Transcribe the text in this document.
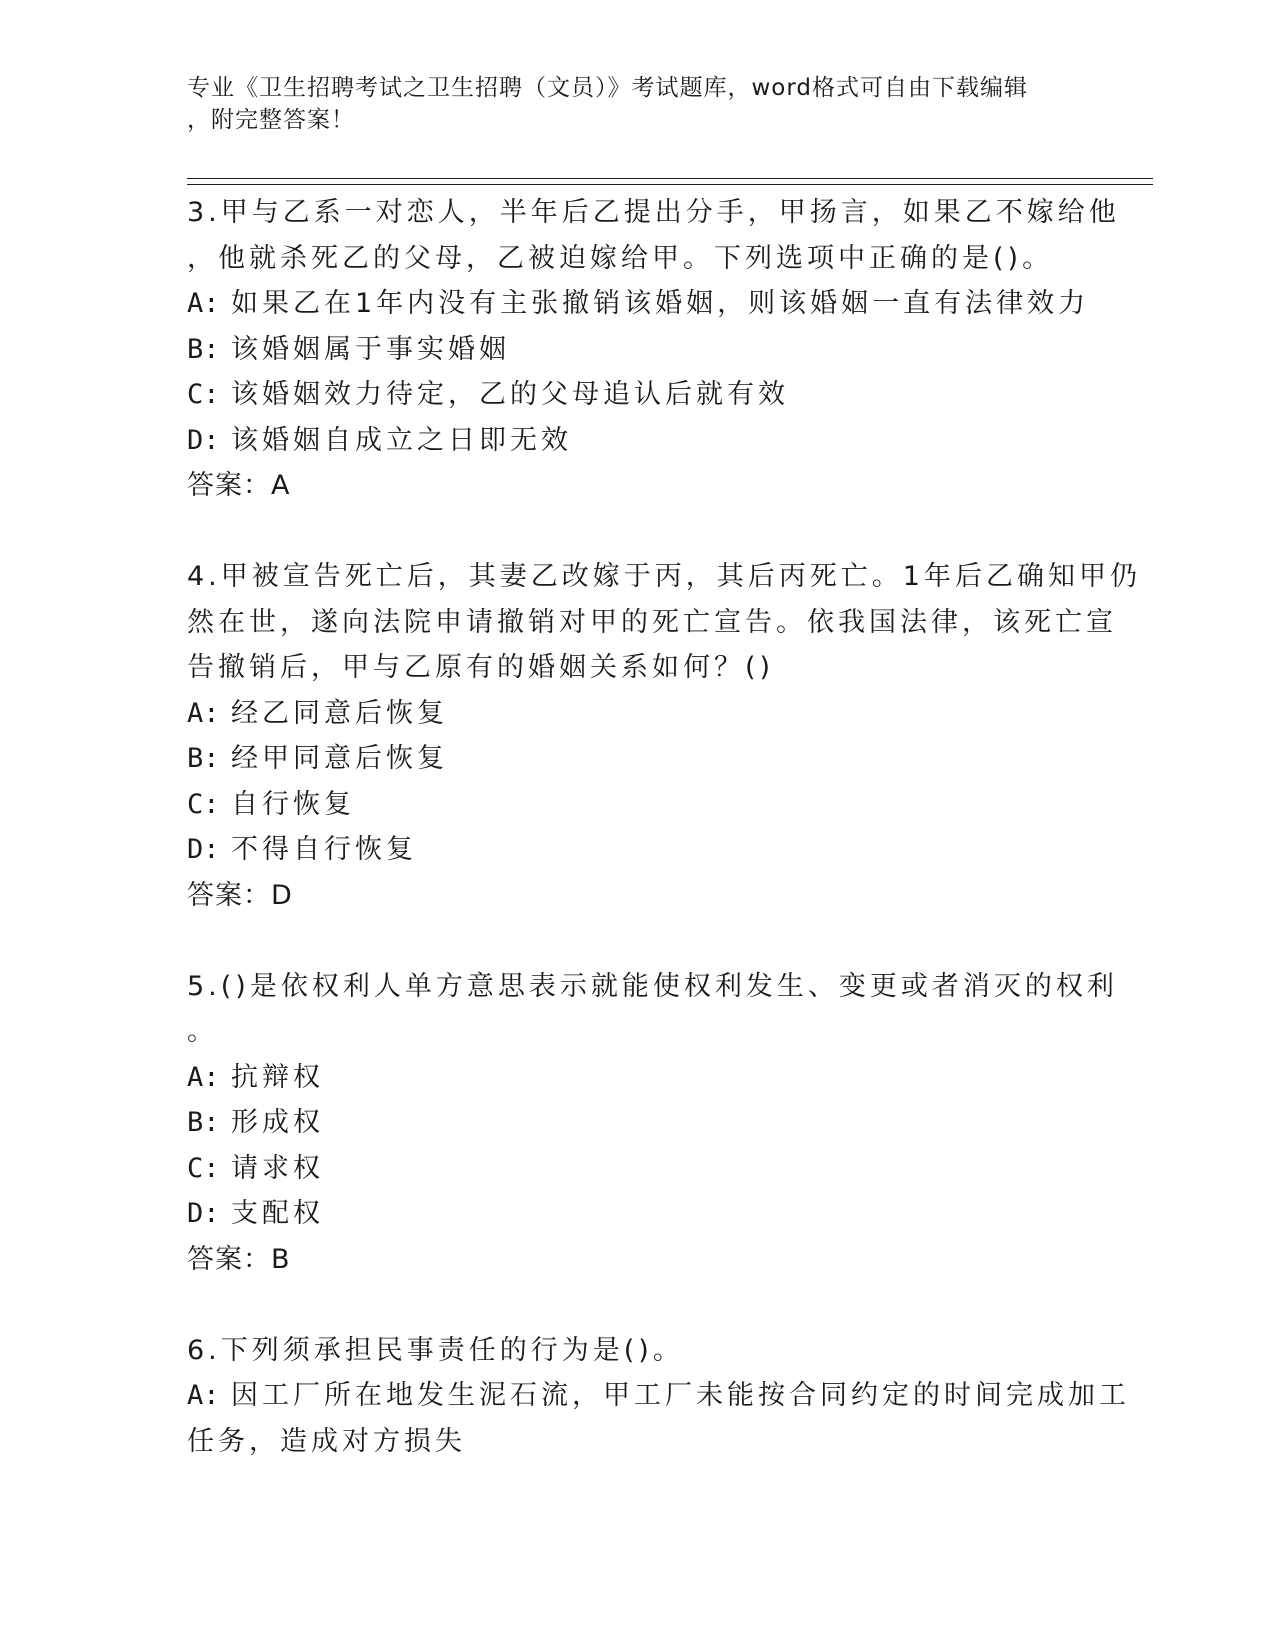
专业《卫生招聘考试之卫生招聘（文员）》考试题库，word格式可自由下载编辑
，附完整答案！
3.甲与乙系一对恋人，半年后乙提出分手，甲扬言，如果乙不嫁给他
，他就杀死乙的父母，乙被迫嫁给甲。下列选项中正确的是()。
A: 如果乙在1年内没有主张撤销该婚姻，则该婚姻一直有法律效力
B: 该婚姻属于事实婚姻
C: 该婚姻效力待定，乙的父母追认后就有效
D: 该婚姻自成立之日即无效
答案：A
4.甲被宣告死亡后，其妻乙改嫁于丙，其后丙死亡。1年后乙确知甲仍
然在世，遂向法院申请撤销对甲的死亡宣告。依我国法律，该死亡宣
告撤销后，甲与乙原有的婚姻关系如何？()
A: 经乙同意后恢复
B: 经甲同意后恢复
C: 自行恢复
D: 不得自行恢复
答案：D
5.()是依权利人单方意思表示就能使权利发生、变更或者消灭的权利
。
A: 抗辩权
B: 形成权
C: 请求权
D: 支配权
答案：B
6.下列须承担民事责任的行为是()。
A: 因工厂所在地发生泥石流，甲工厂未能按合同约定的时间完成加工
任务，造成对方损失
